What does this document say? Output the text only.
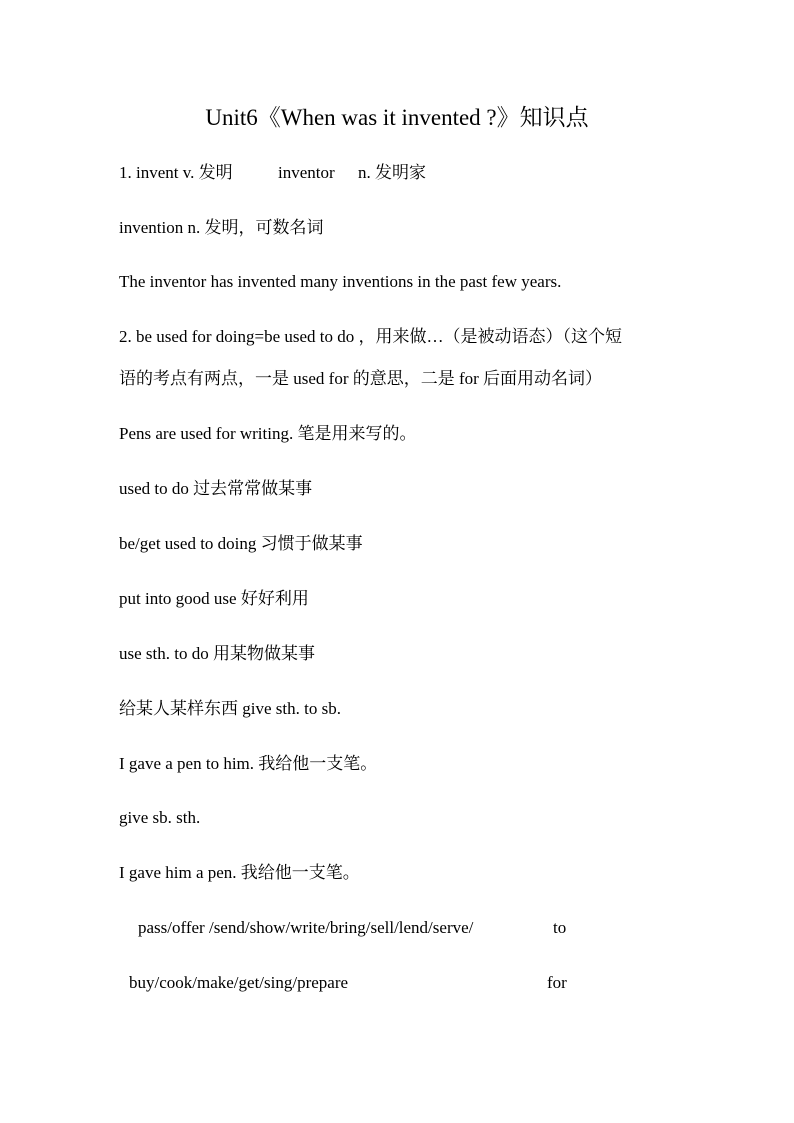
Unit6《When was it invented ?》知识点
1. invent v. 发明	inventor n. 发明家
invention n. 发明，可数名词
The inventor has invented many inventions in the past few years.
2. be used for doing=be used to do ，用来做…（是被动语态）（这个短
语的考点有两点，一是 used for 的意思，二是 for 后面用动名词）
Pens are used for writing. 笔是用来写的。
used to do 过去常常做某事
be/get used to doing 习惯于做某事
put into good use 好好利用
use sth. to do 用某物做某事
给某人某样东西 give sth. to sb.
I gave a pen to him. 我给他一支笔。
give sb. sth.
I gave him a pen. 我给他一支笔。
pass/offer /send/show/write/bring/sell/lend/serve/	to
buy/cook/make/get/sing/prepare	for
